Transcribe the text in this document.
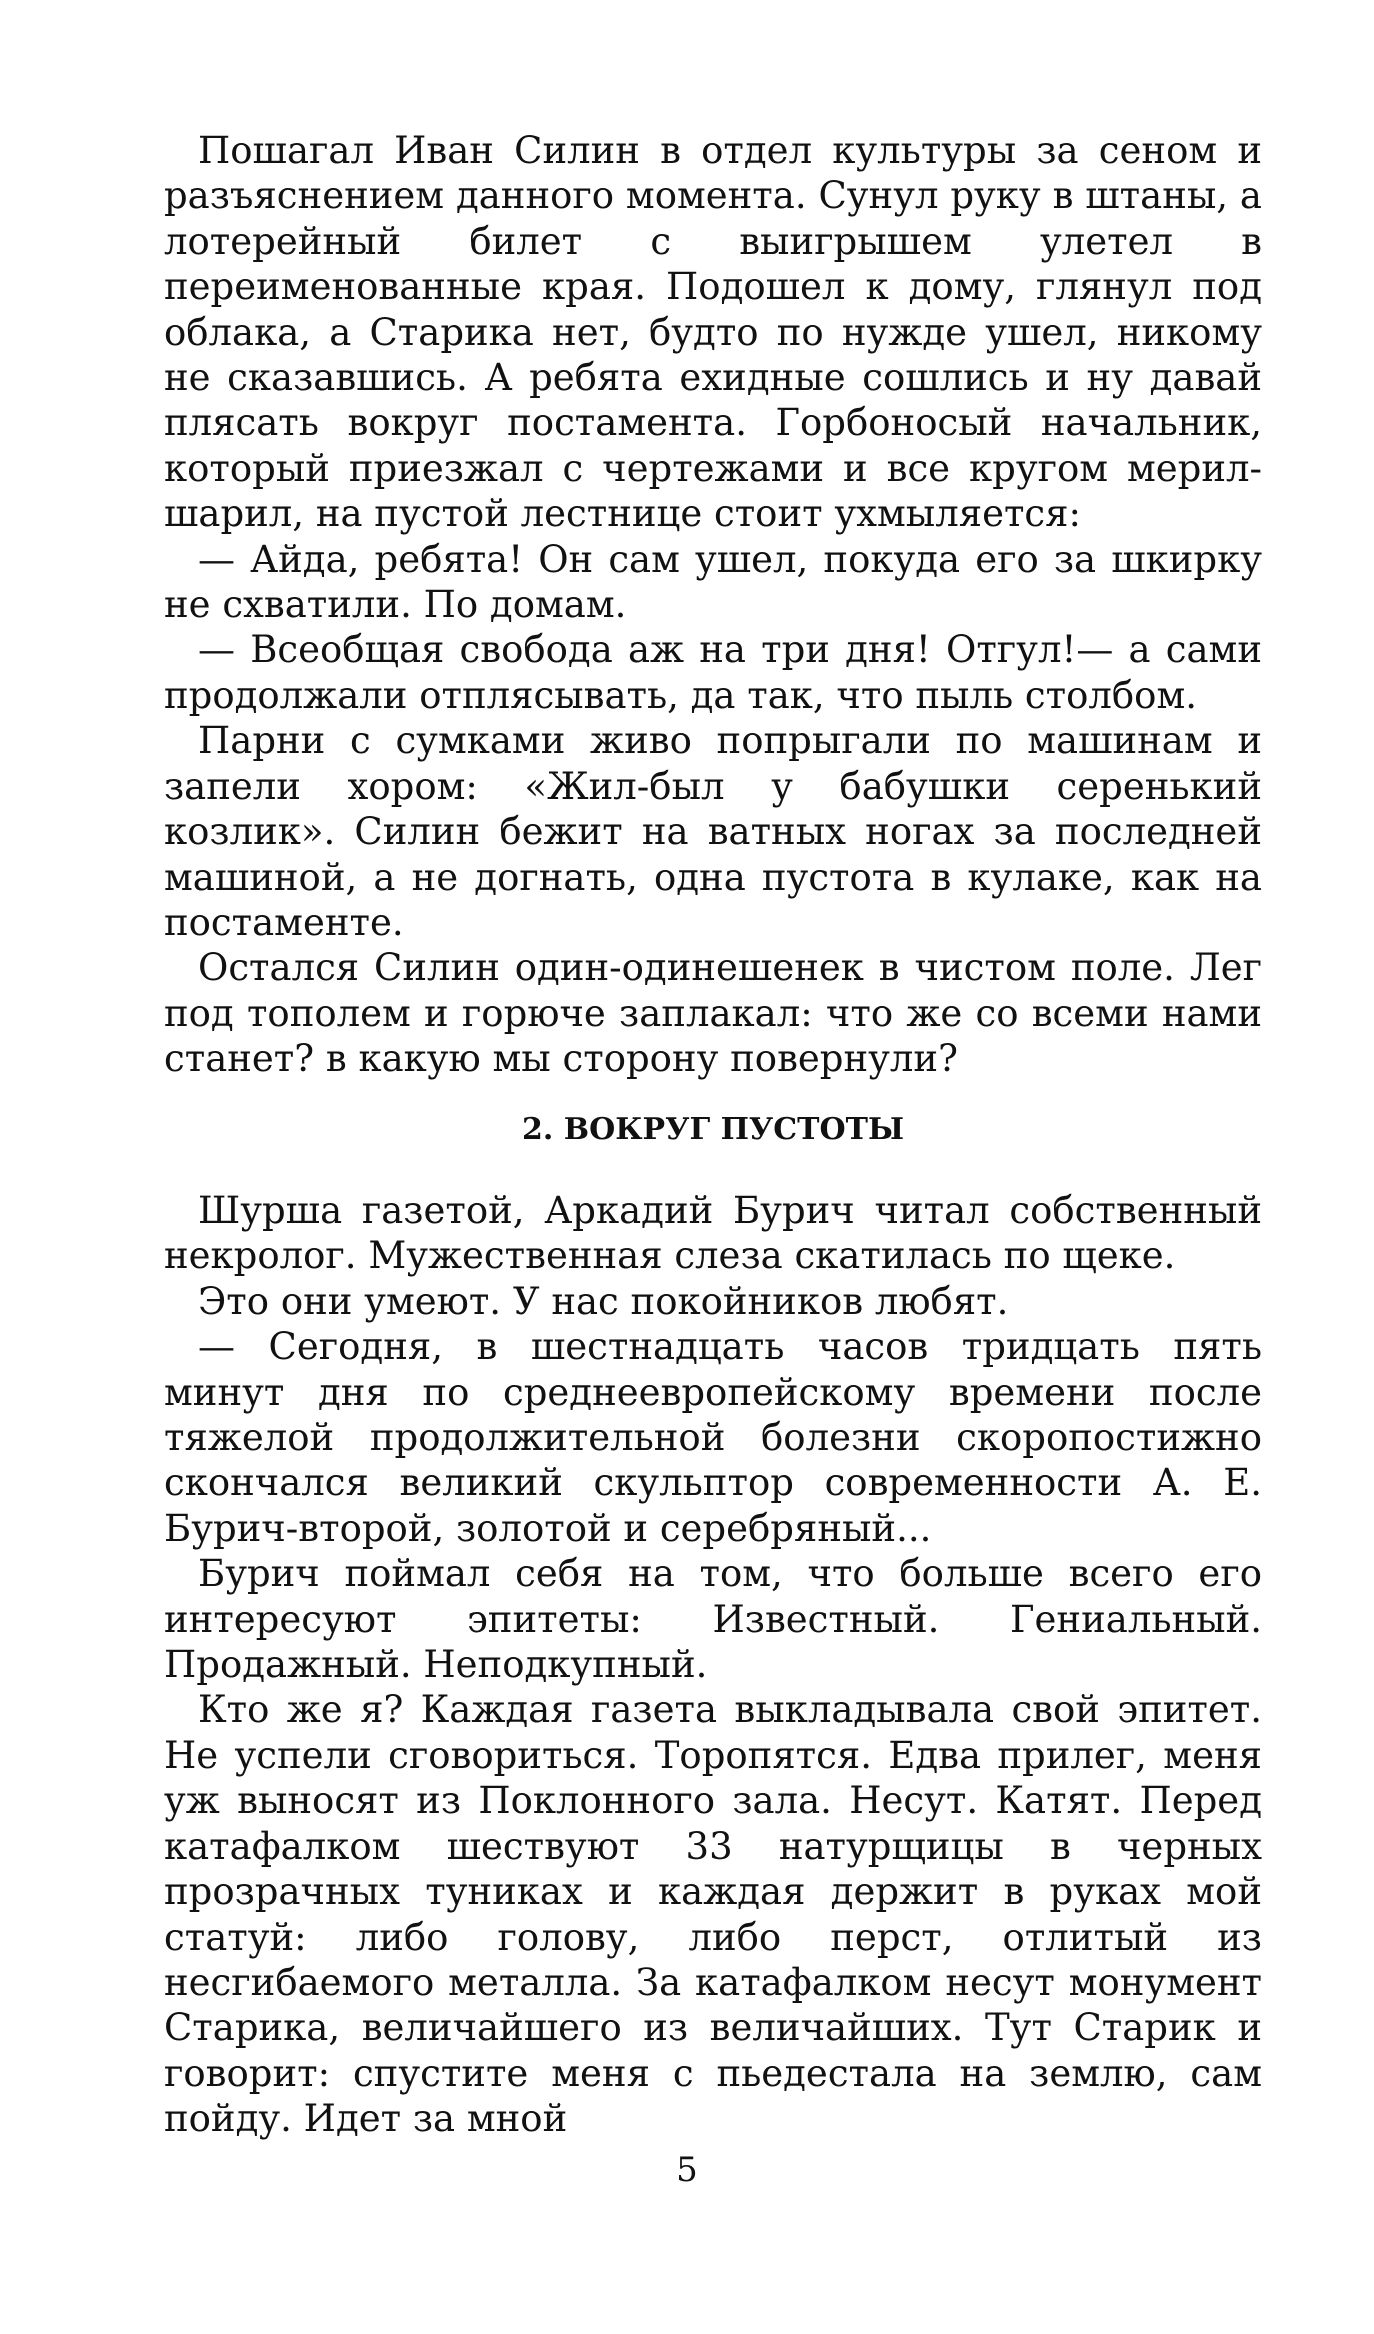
Пошагал Иван Силин в отдел культуры за сеном и разъяснением данного момента. Сунул руку в штаны, а лотерейный билет с выигрышем улетел в переименованные края. Подошел к дому, глянул под облака, а Старика нет, будто по нужде ушел, никому не сказавшись. А ребята ехидные сошлись и ну давай плясать вокруг постамента. Горбоносый начальник, который приезжал с чертежами и все кругом мерил-шарил, на пустой лестнице стоит ухмыляется:

— Айда, ребята! Он сам ушел, покуда его за шкирку не схватили. По домам.

— Всеобщая свобода аж на три дня! Отгул!— а сами продолжали отплясывать, да так, что пыль столбом.

Парни с сумками живо попрыгали по машинам и запели хором: «Жил-был у бабушки серенький козлик». Силин бежит на ватных ногах за последней машиной, а не догнать, одна пустота в кулаке, как на постаменте.

Остался Силин один-одинешенек в чистом поле. Лег под тополем и горюче заплакал: что же со всеми нами станет? в какую мы сторону повернули?

2. ВОКРУГ ПУСТОТЫ

Шурша газетой, Аркадий Бурич читал собственный некролог. Мужественная слеза скатилась по щеке.

Это они умеют. У нас покойников любят.

— Сегодня, в шестнадцать часов тридцать пять минут дня по среднеевропейскому времени после тяжелой продолжительной болезни скоропостижно скончался великий скульптор современности А. Е. Бурич-второй, золотой и серебряный...

Бурич поймал себя на том, что больше всего его интересуют эпитеты: Известный. Гениальный. Продажный. Неподкупный.

Кто же я? Каждая газета выкладывала свой эпитет. Не успели сговориться. Торопятся. Едва прилег, меня уж выносят из Поклонного зала. Несут. Катят. Перед катафалком шествуют 33 натурщицы в черных прозрачных туниках и каждая держит в руках мой статуй: либо голову, либо перст, отлитый из несгибаемого металла. За катафалком несут монумент Старика, величайшего из величайших. Тут Старик и говорит: спустите меня с пьедестала на землю, сам пойду. Идет за мной

5
